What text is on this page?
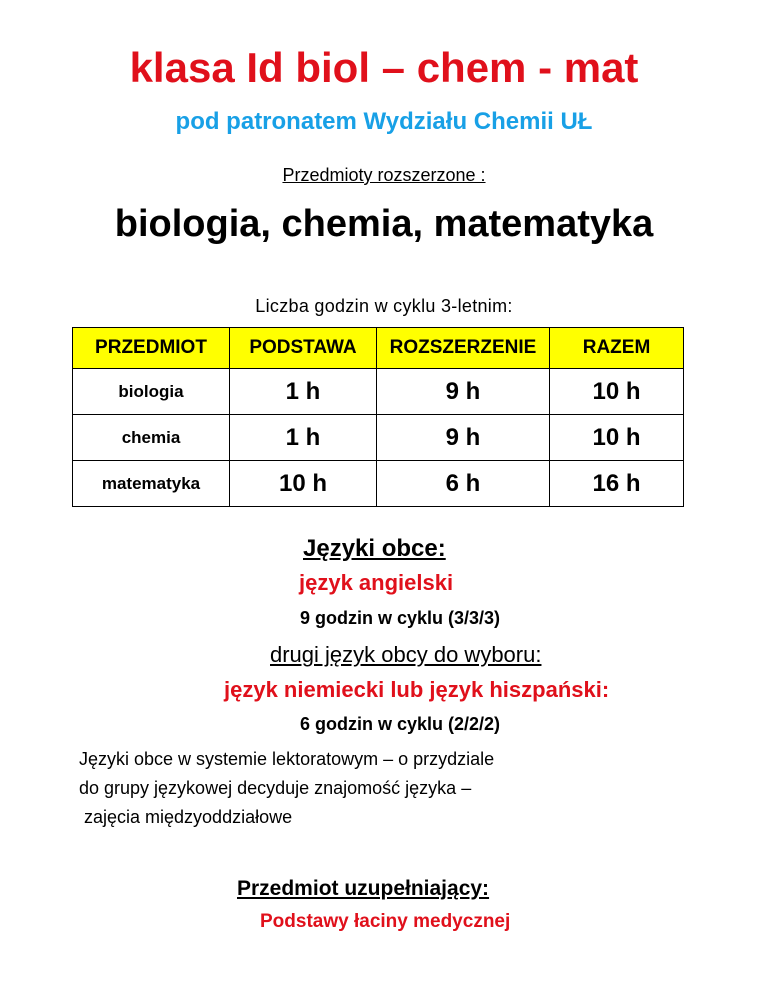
klasa Id biol – chem - mat
pod patronatem Wydziału Chemii UŁ
Przedmioty rozszerzone :
biologia, chemia, matematyka
Liczba godzin w cyklu 3-letnim:
PRZEDMIOT	PODSTAWA	ROZSZERZENIE	RAZEM
biologia	1 h	9 h	10 h
chemia	1 h	9 h	10 h
matematyka	10 h	6 h	16 h
Języki obce:
język angielski
9 godzin w cyklu (3/3/3)
drugi język obcy do wyboru:
język niemiecki lub język hiszpański:
6 godzin w cyklu (2/2/2)
Języki obce w systemie lektoratowym – o przydziale
do grupy językowej decyduje znajomość języka –
zajęcia międzyoddziałowe
Przedmiot uzupełniający:
Podstawy łaciny medycznej
